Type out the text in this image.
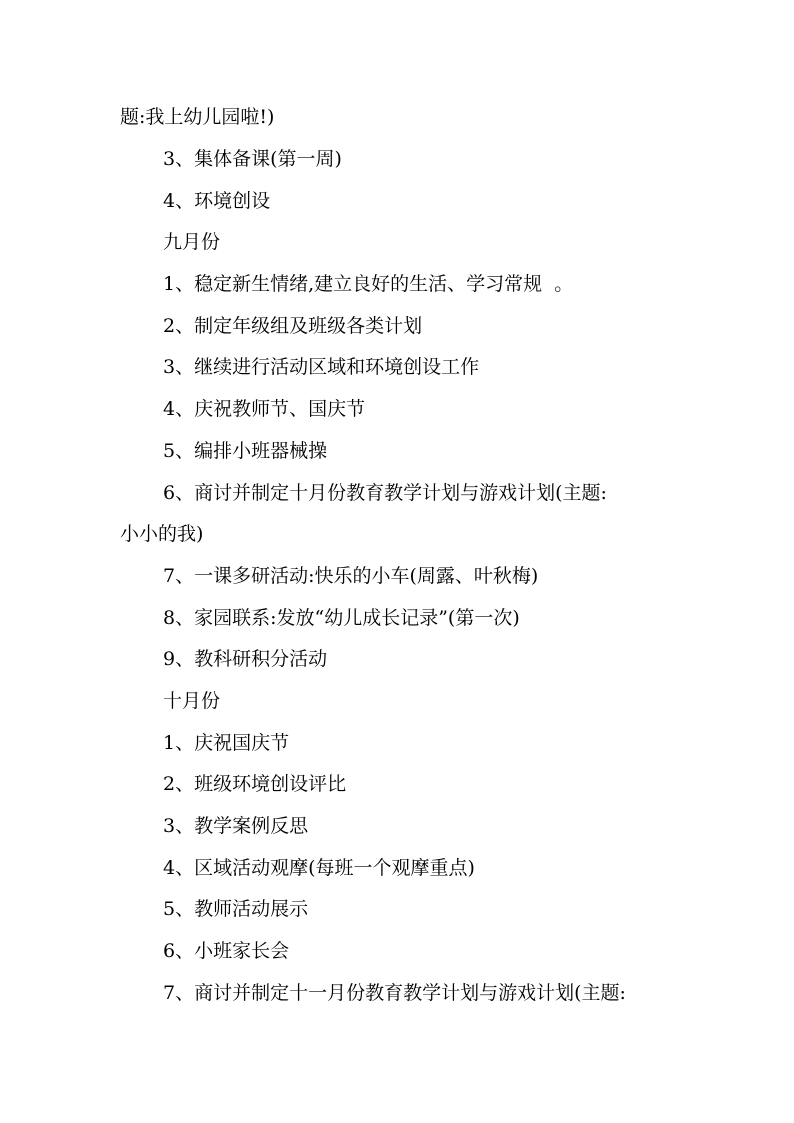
题:我上幼儿园啦!)
3、集体备课(第一周)
4、环境创设
九月份
1、稳定新生情绪,建立良好的生活、学习常规  。
2、制定年级组及班级各类计划
3、继续进行活动区域和环境创设工作
4、庆祝教师节、国庆节
5、编排小班器械操
6、商讨并制定十月份教育教学计划与游戏计划(主题:
小小的我)
7、一课多研活动:快乐的小车(周露、叶秋梅)
8、家园联系:发放“幼儿成长记录”(第一次)
9、教科研积分活动
十月份
1、庆祝国庆节
2、班级环境创设评比
3、教学案例反思
4、区域活动观摩(每班一个观摩重点)
5、教师活动展示
6、小班家长会
7、商讨并制定十一月份教育教学计划与游戏计划(主题:
